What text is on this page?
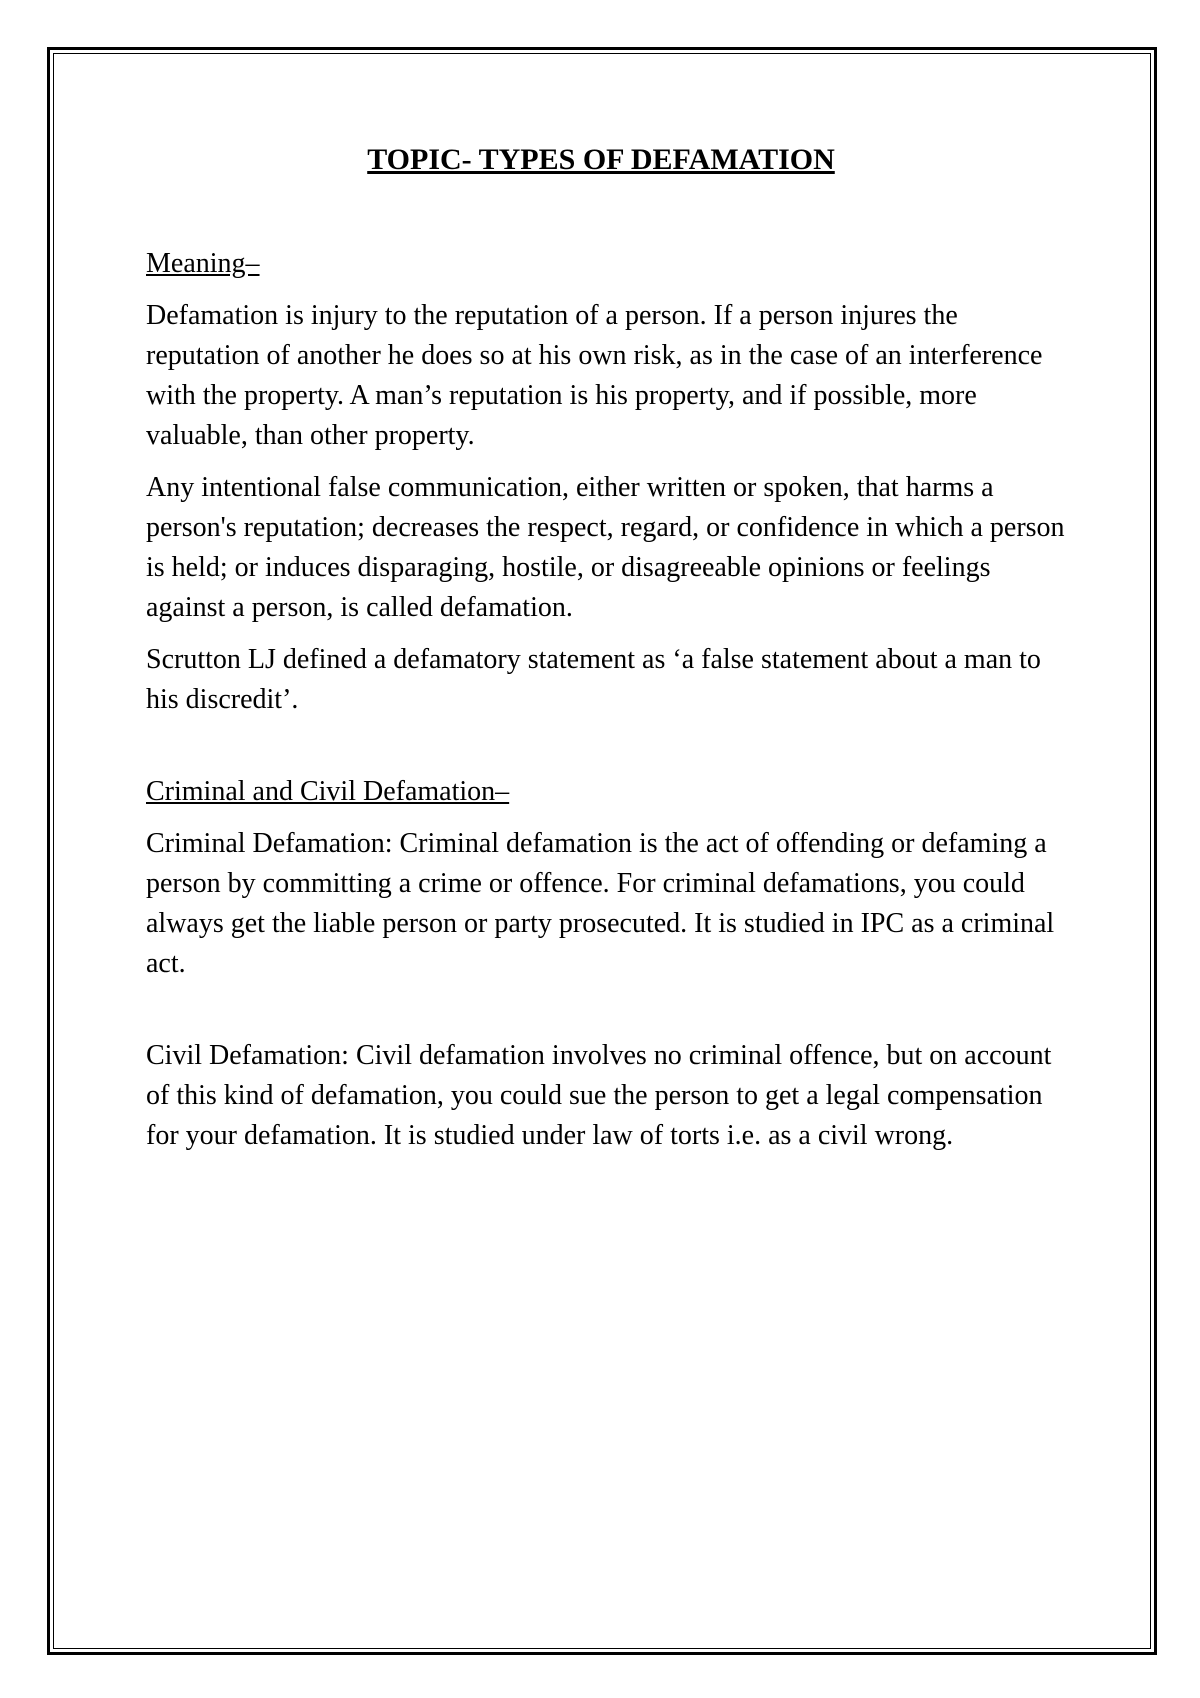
TOPIC- TYPES OF DEFAMATION

Meaning–

Defamation is injury to the reputation of a person. If a person injures the reputation of another he does so at his own risk, as in the case of an interference with the property. A man’s reputation is his property, and if possible, more valuable, than other property.

Any intentional false communication, either written or spoken, that harms a person's reputation; decreases the respect, regard, or confidence in which a person is held; or induces disparaging, hostile, or disagreeable opinions or feelings against a person, is called defamation.

Scrutton LJ defined a defamatory statement as ‘a false statement about a man to his discredit’.

Criminal and Civil Defamation–

Criminal Defamation: Criminal defamation is the act of offending or defaming a person by committing a crime or offence. For criminal defamations, you could always get the liable person or party prosecuted. It is studied in IPC as a criminal act.

Civil Defamation: Civil defamation involves no criminal offence, but on account of this kind of defamation, you could sue the person to get a legal compensation for your defamation. It is studied under law of torts i.e. as a civil wrong.
